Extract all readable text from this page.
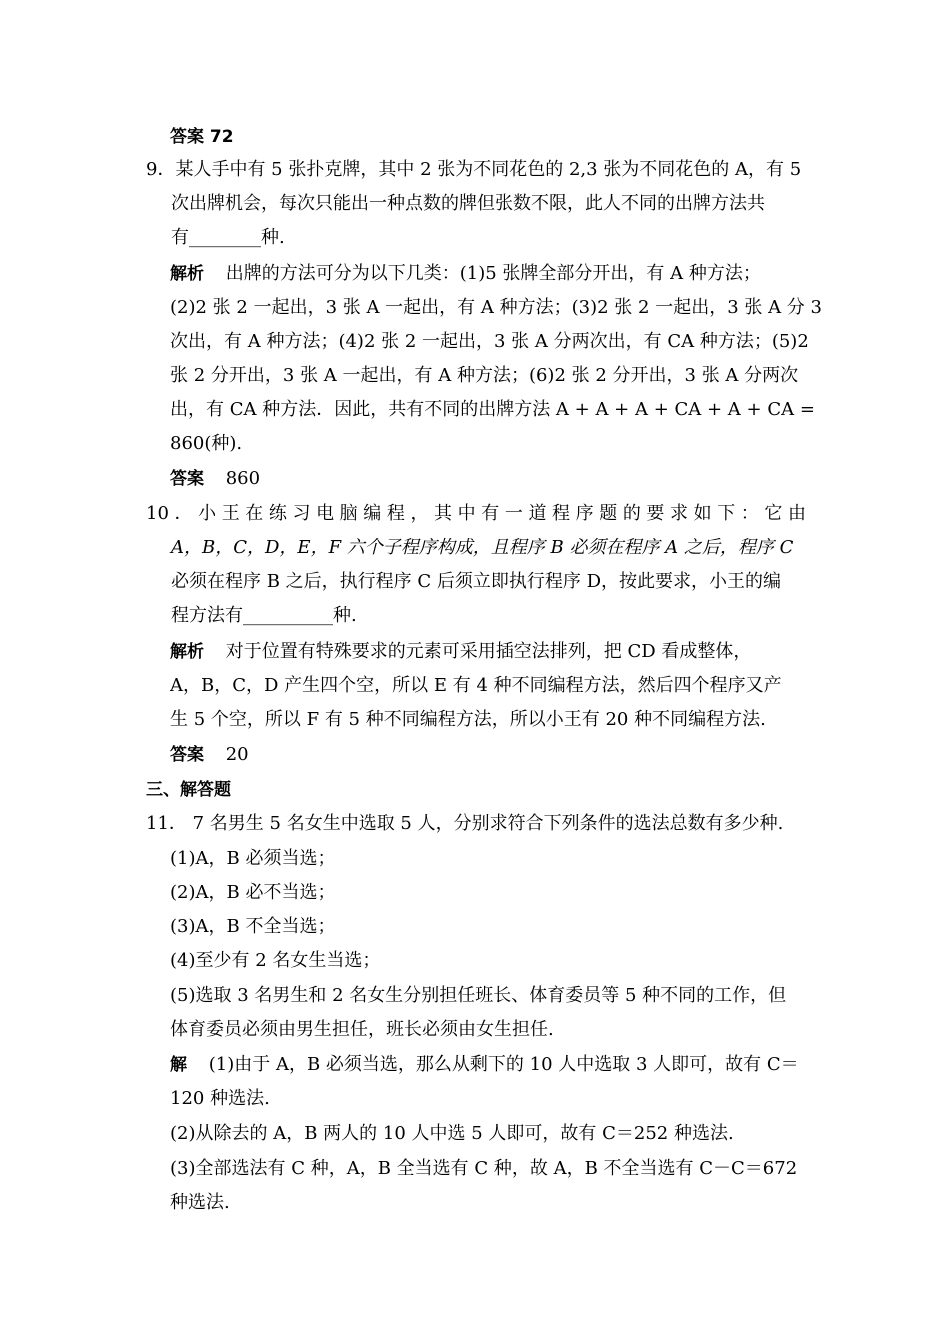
答案 72
9．某人手中有 5 张扑克牌，其中 2 张为不同花色的 2,3 张为不同花色的 A，有 5
次出牌机会，每次只能出一种点数的牌但张数不限，此人不同的出牌方法共
有________种.
解析 出牌的方法可分为以下几类：(1)5 张牌全部分开出，有 A 种方法；
(2)2 张 2 一起出，3 张 A 一起出，有 A 种方法；(3)2 张 2 一起出，3 张 A 分 3
次出，有 A 种方法；(4)2 张 2 一起出，3 张 A 分两次出，有 CA 种方法；(5)2
张 2 分开出，3 张 A 一起出，有 A 种方法；(6)2 张 2 分开出，3 张 A 分两次
出，有 CA 种方法．因此，共有不同的出牌方法 A + A + A + CA + A + CA =
860(种).
答案 860
10．小王在练习电脑编程，其中有一道程序题的要求如下：它由
A，B，C，D，E，F 六个子程序构成，且程序 B 必须在程序 A 之后，程序 C
必须在程序 B 之后，执行程序 C 后须立即执行程序 D，按此要求，小王的编
程方法有__________种.
解析 对于位置有特殊要求的元素可采用插空法排列，把 CD 看成整体，
A，B，C，D 产生四个空，所以 E 有 4 种不同编程方法，然后四个程序又产
生 5 个空，所以 F 有 5 种不同编程方法，所以小王有 20 种不同编程方法.
答案 20
三、解答题
11． 7 名男生 5 名女生中选取 5 人，分别求符合下列条件的选法总数有多少种.
(1)A，B 必须当选；
(2)A，B 必不当选；
(3)A，B 不全当选；
(4)至少有 2 名女生当选；
(5)选取 3 名男生和 2 名女生分别担任班长、体育委员等 5 种不同的工作，但
体育委员必须由男生担任，班长必须由女生担任.
解 (1)由于 A，B 必须当选，那么从剩下的 10 人中选取 3 人即可，故有 C＝
120 种选法.
(2)从除去的 A，B 两人的 10 人中选 5 人即可，故有 C＝252 种选法.
(3)全部选法有 C 种，A，B 全当选有 C 种，故 A，B 不全当选有 C－C＝672
种选法.
